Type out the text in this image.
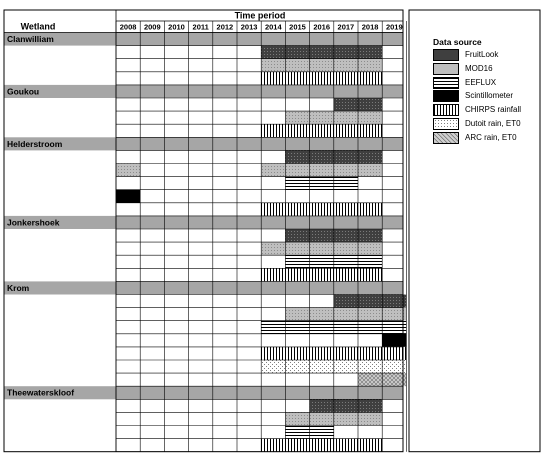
Time period
Wetland	2008 2009 2010 2011 2012 2013 2014 2015 2016 2017 2018 2019
Clanwilliam
Goukou
Helderstroom
Jonkershoek
Krom
Theewaterskloof
Data source
FruitLook
MOD16
EEFLUX
Scintillometer
CHIRPS rainfall
Dutoit rain, ET0
ARC rain, ET0
